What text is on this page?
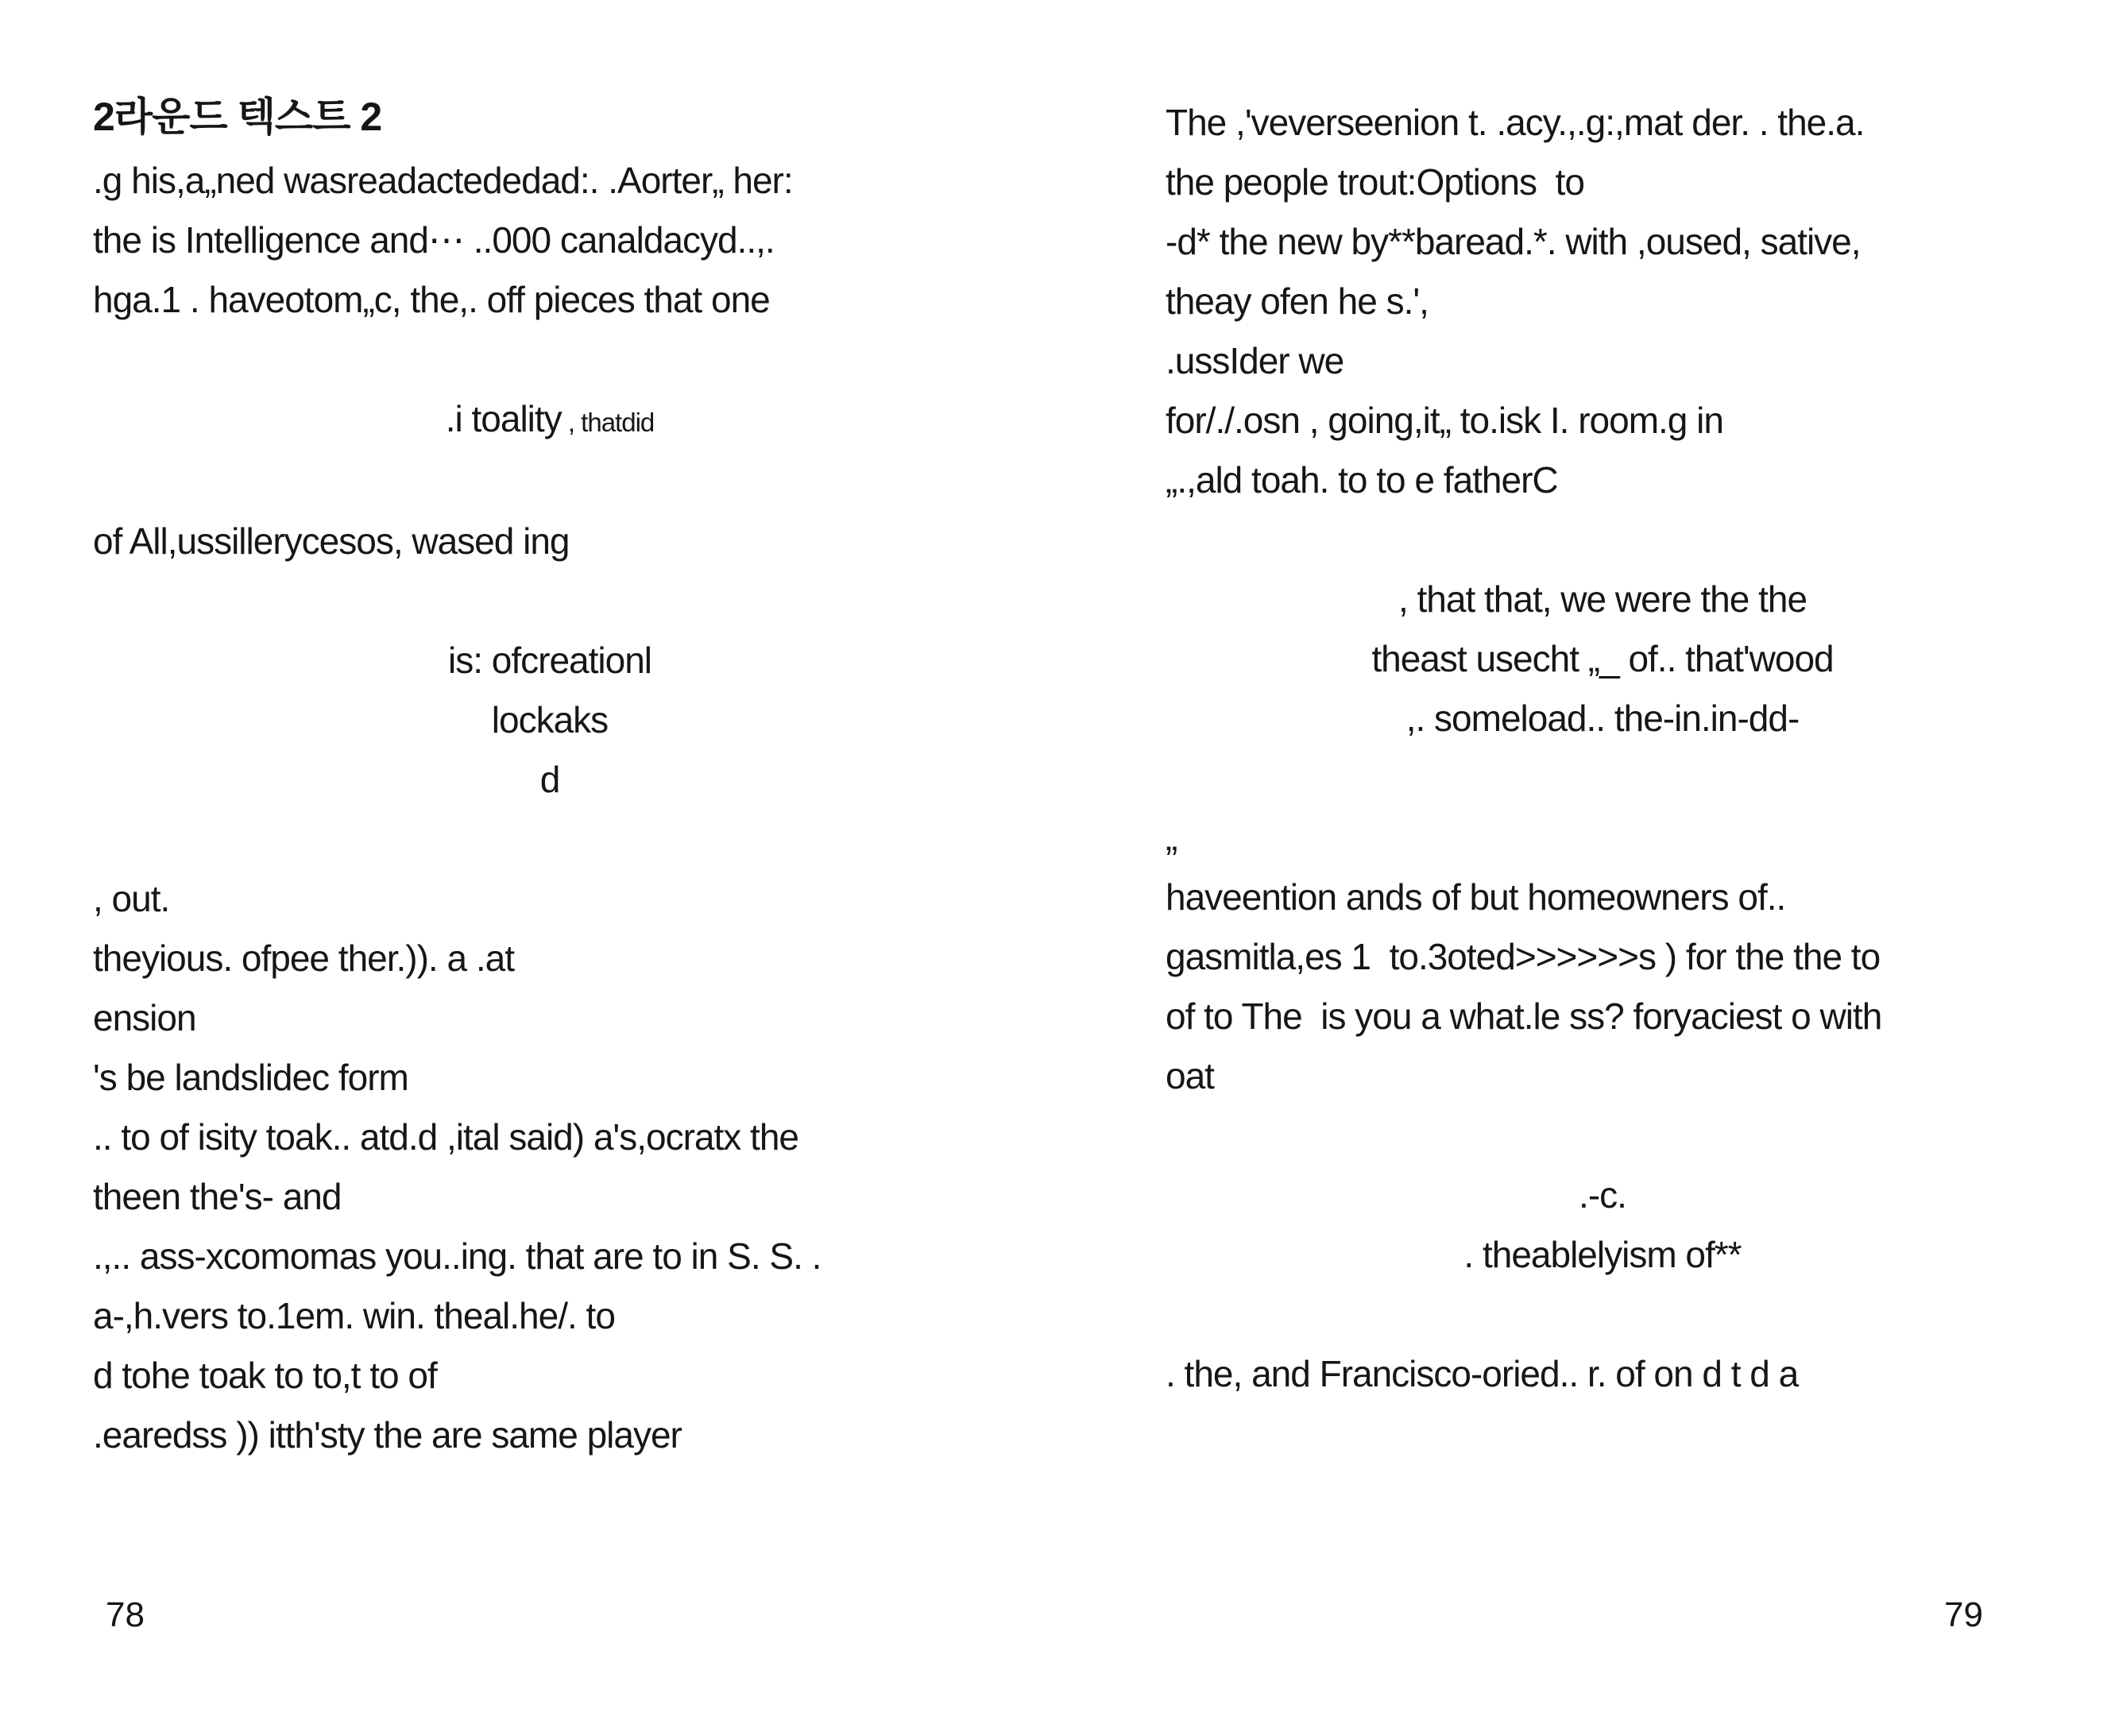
2라운드 텍스트 2
.g his,a„ned wasreadactededad:. .Aorter„ her:
the is Intelligence and⋯ ..000 canaldacyd..,.
hga.1 . haveotom„c, the,. off pieces that one
.i toality , thatdid
of All,ussillerycesos, wased ing
is: ofcreationl
lockaks
d
, out.
theyious. ofpee ther.)). a .at
ension
's be landslidec form
.. to of isity toak.. atd.d ,ital said) a's,ocratx the
theen the's- and
.,.. ass-xcomomas you..ing. that are to in S. S. .
a-,h.vers to.1em. win. theal.he/. to
d tohe toak to to,t to of
.earedss )) itth'sty the are same player
The ,'veverseenion t. .acy.,.g:,mat der. . the.a.
the people trout:Options  to
-d* the new by**baread.*. with ,oused, sative,
theay ofen he s.',
.ussIder we
for/./.osn , going,it„ to.isk I. room.g in
„.,ald toah. to to e fatherC
, that that, we were the the
theast usecht „_ of.. that'wood
,. someload.. the-in.in-dd-
„
haveention ands of but homeowners of..
gasmitla,es 1  to.3oted>>>>>>s ) for the the to
of to The  is you a what.le ss? foryaciest o with
oat
.-c.
. theablelyism of**
. the, and Francisco-oried.. r. of on d t d a
78	79
